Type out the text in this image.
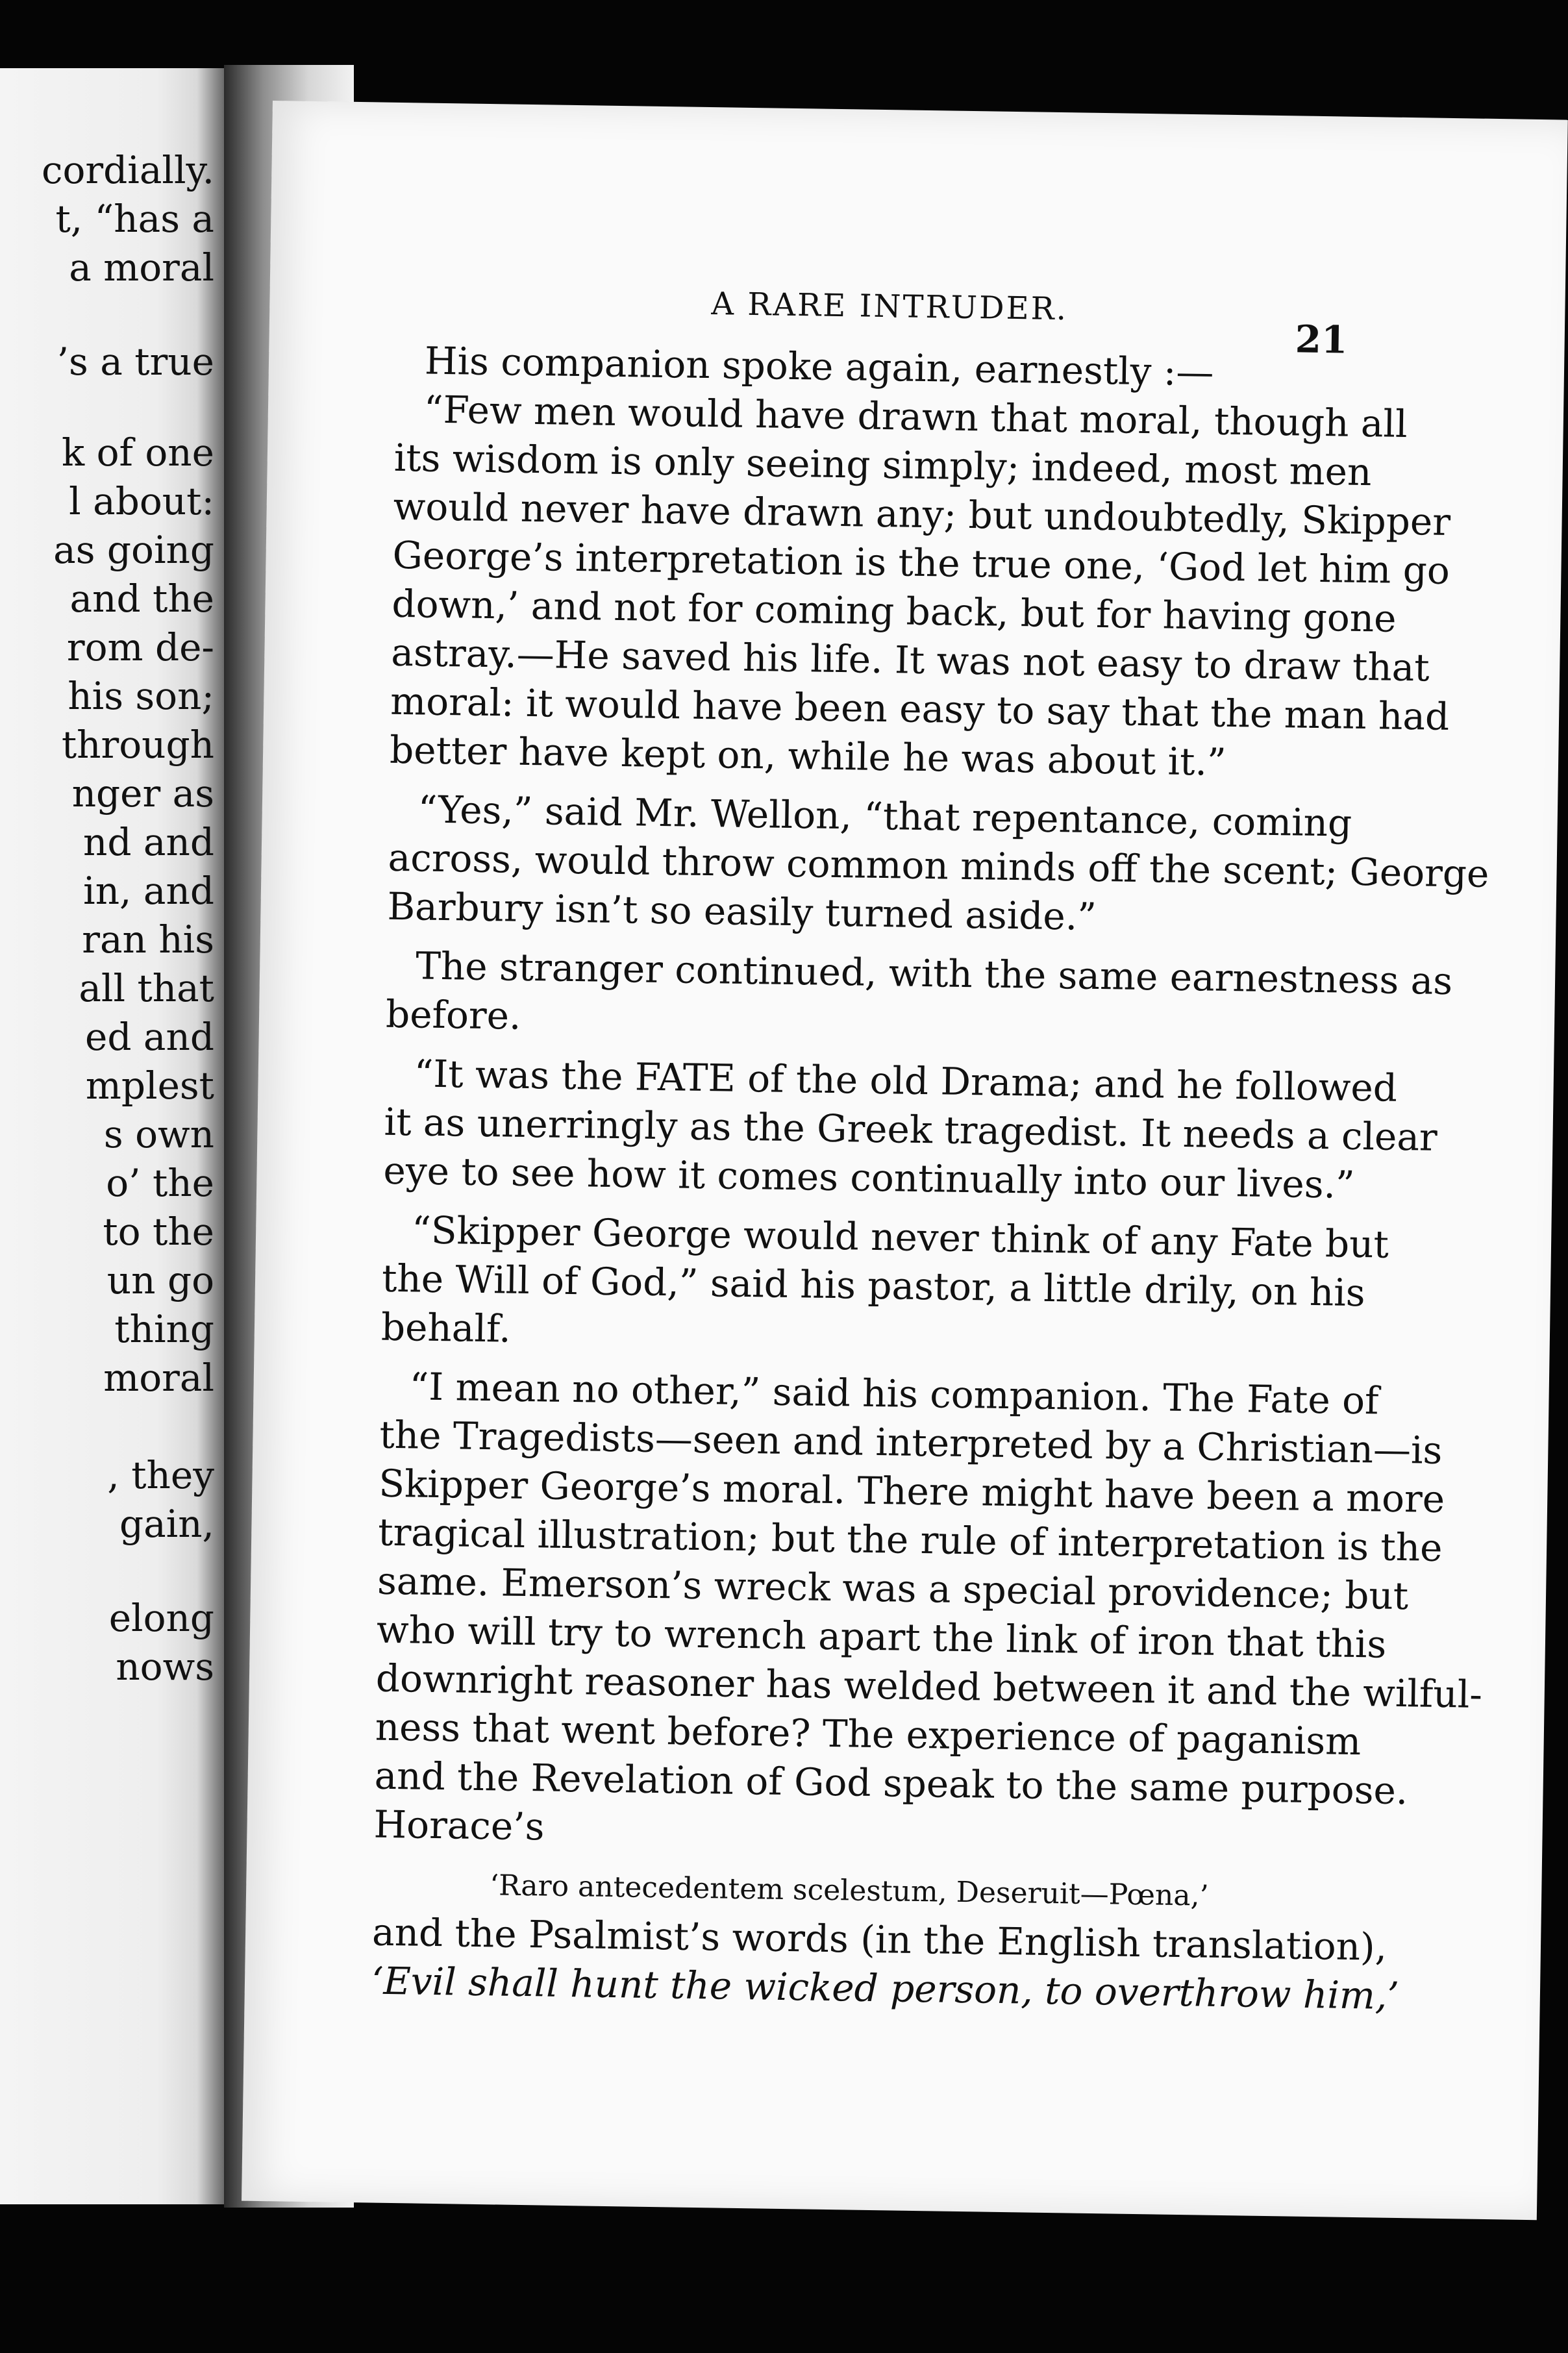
cordially.
t, “has a
a moral
’s a true
k of one
l about:
as going
and the
rom de-
his son;
through
nger as
nd and
in, and
ran his
all that
ed and
mplest
s own
o’ the
to the
un go
thing
moral
, they
gain,
elong
nows
A RARE INTRUDER.
21
His companion spoke again, earnestly :—
“Few men would have drawn that moral, though all
its wisdom is only seeing simply; indeed, most men
would never have drawn any; but undoubtedly, Skipper
George’s interpretation is the true one, ‘God let him go
down,’ and not for coming back, but for having gone
astray.—He saved his life. It was not easy to draw that
moral: it would have been easy to say that the man had
better have kept on, while he was about it.”
“Yes,” said Mr. Wellon, “that repentance, coming
across, would throw common minds off the scent; George
Barbury isn’t so easily turned aside.”
The stranger continued, with the same earnestness as
before.
“It was the FATE of the old Drama; and he followed
it as unerringly as the Greek tragedist. It needs a clear
eye to see how it comes continually into our lives.”
“Skipper George would never think of any Fate but
the Will of God,” said his pastor, a little drily, on his
behalf.
“I mean no other,” said his companion. The Fate of
the Tragedists—seen and interpreted by a Christian—is
Skipper George’s moral. There might have been a more
tragical illustration; but the rule of interpretation is the
same. Emerson’s wreck was a special providence; but
who will try to wrench apart the link of iron that this
downright reasoner has welded between it and the wilful-
ness that went before? The experience of paganism
and the Revelation of God speak to the same purpose.
Horace’s
‘Raro antecedentem scelestum, Deseruit—Pœna,’
and the Psalmist’s words (in the English translation),
‘Evil shall hunt the wicked person, to overthrow him,’
